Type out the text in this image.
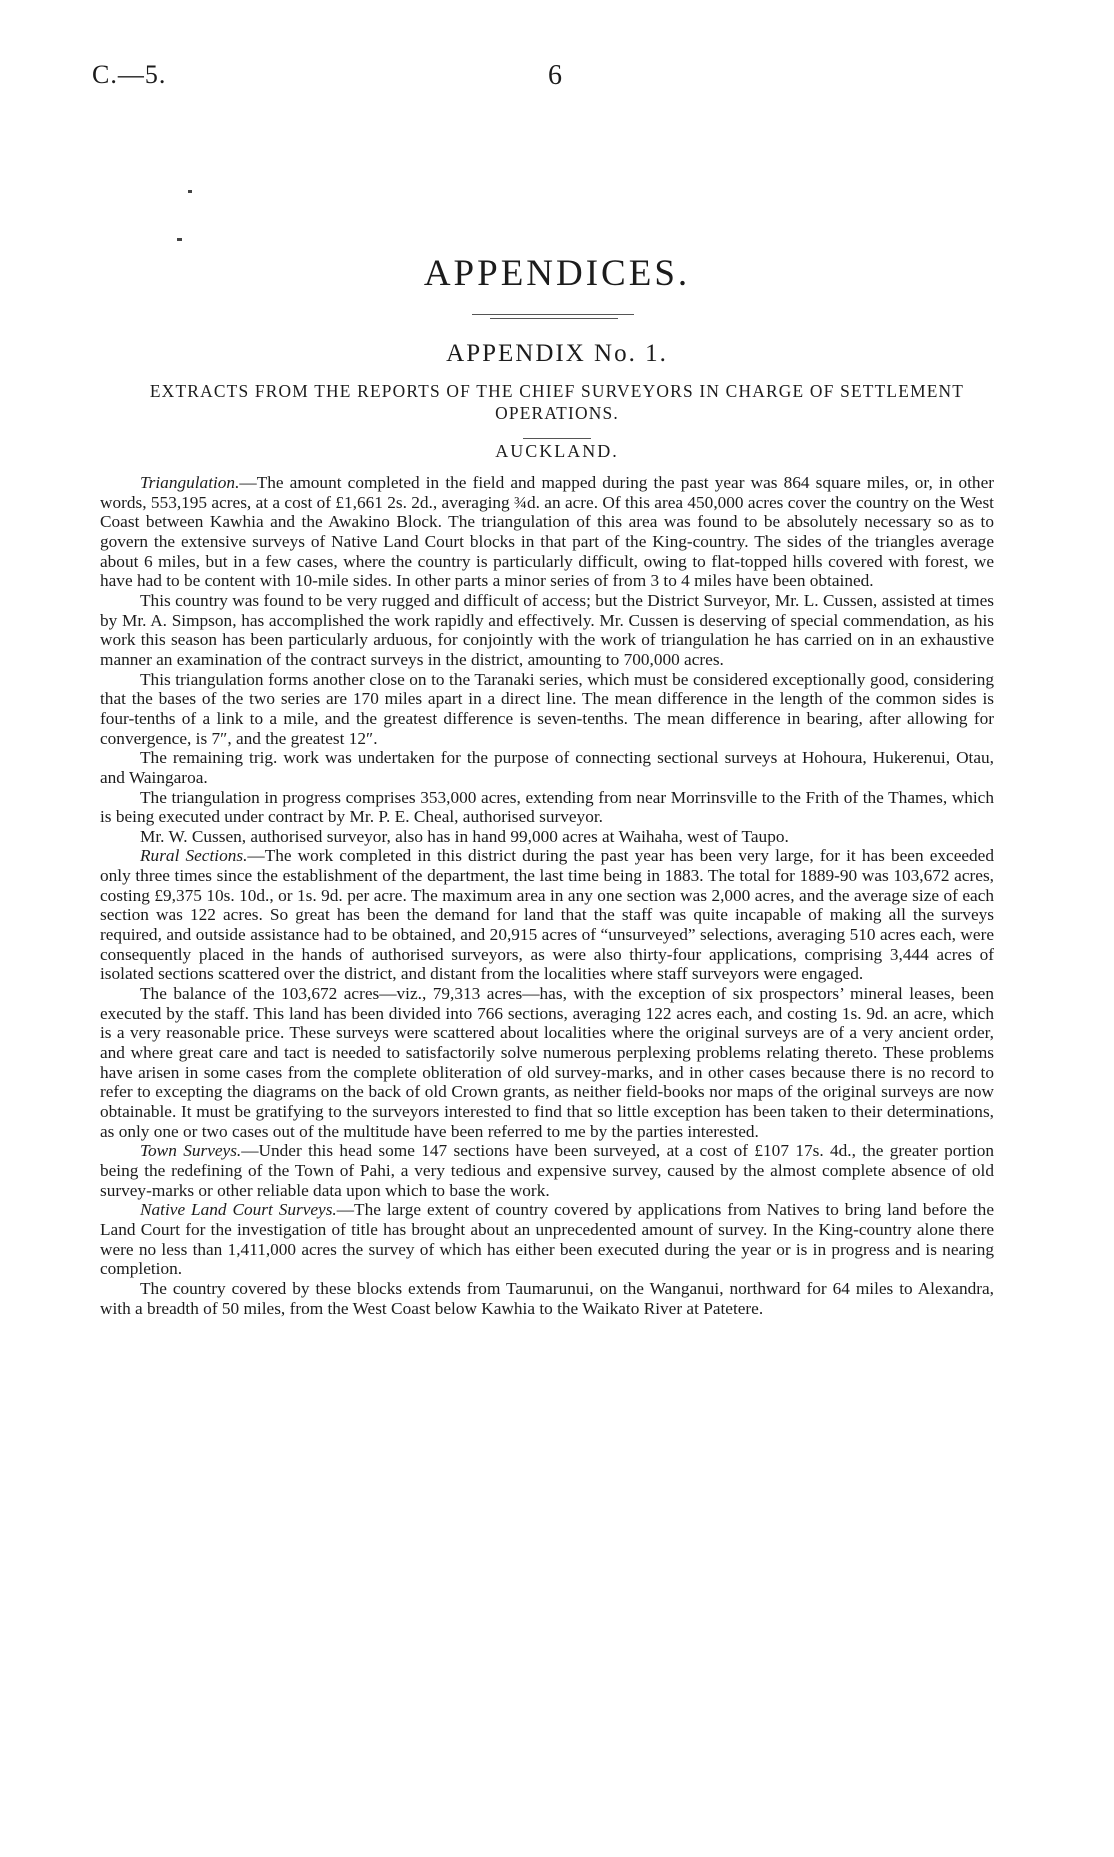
C.—5.	6
APPENDICES.
APPENDIX No. 1.
EXTRACTS FROM THE REPORTS OF THE CHIEF SURVEYORS IN CHARGE OF SETTLEMENT OPERATIONS.
AUCKLAND.

Triangulation.—The amount completed in the field and mapped during the past year was 864 square miles, or, in other words, 553,195 acres, at a cost of £1,661 2s. 2d., averaging ¾d. an acre. Of this area 450,000 acres cover the country on the West Coast between Kawhia and the Awakino Block. The triangulation of this area was found to be absolutely necessary so as to govern the extensive surveys of Native Land Court blocks in that part of the King-country. The sides of the triangles average about 6 miles, but in a few cases, where the country is particularly difficult, owing to flat-topped hills covered with forest, we have had to be content with 10-mile sides. In other parts a minor series of from 3 to 4 miles have been obtained.

This country was found to be very rugged and difficult of access; but the District Surveyor, Mr. L. Cussen, assisted at times by Mr. A. Simpson, has accomplished the work rapidly and effectively. Mr. Cussen is deserving of special commendation, as his work this season has been particularly arduous, for conjointly with the work of triangulation he has carried on in an exhaustive manner an examination of the contract surveys in the district, amounting to 700,000 acres.

This triangulation forms another close on to the Taranaki series, which must be considered exceptionally good, considering that the bases of the two series are 170 miles apart in a direct line. The mean difference in the length of the common sides is four-tenths of a link to a mile, and the greatest difference is seven-tenths. The mean difference in bearing, after allowing for convergence, is 7″, and the greatest 12″.

The remaining trig. work was undertaken for the purpose of connecting sectional surveys at Hohoura, Hukerenui, Otau, and Waingaroa.

The triangulation in progress comprises 353,000 acres, extending from near Morrinsville to the Frith of the Thames, which is being executed under contract by Mr. P. E. Cheal, authorised surveyor.

Mr. W. Cussen, authorised surveyor, also has in hand 99,000 acres at Waihaha, west of Taupo.

Rural Sections.—The work completed in this district during the past year has been very large, for it has been exceeded only three times since the establishment of the department, the last time being in 1883. The total for 1889-90 was 103,672 acres, costing £9,375 10s. 10d., or 1s. 9d. per acre. The maximum area in any one section was 2,000 acres, and the average size of each section was 122 acres. So great has been the demand for land that the staff was quite incapable of making all the surveys required, and outside assistance had to be obtained, and 20,915 acres of “unsurveyed” selections, averaging 510 acres each, were consequently placed in the hands of authorised surveyors, as were also thirty-four applications, comprising 3,444 acres of isolated sections scattered over the district, and distant from the localities where staff surveyors were engaged.

The balance of the 103,672 acres—viz., 79,313 acres—has, with the exception of six prospectors’ mineral leases, been executed by the staff. This land has been divided into 766 sections, averaging 122 acres each, and costing 1s. 9d. an acre, which is a very reasonable price. These surveys were scattered about localities where the original surveys are of a very ancient order, and where great care and tact is needed to satisfactorily solve numerous perplexing problems relating thereto. These problems have arisen in some cases from the complete obliteration of old survey-marks, and in other cases because there is no record to refer to excepting the diagrams on the back of old Crown grants, as neither field-books nor maps of the original surveys are now obtainable. It must be gratifying to the surveyors interested to find that so little exception has been taken to their determinations, as only one or two cases out of the multitude have been referred to me by the parties interested.

Town Surveys.—Under this head some 147 sections have been surveyed, at a cost of £107 17s. 4d., the greater portion being the redefining of the Town of Pahi, a very tedious and expensive survey, caused by the almost complete absence of old survey-marks or other reliable data upon which to base the work.

Native Land Court Surveys.—The large extent of country covered by applications from Natives to bring land before the Land Court for the investigation of title has brought about an unprecedented amount of survey. In the King-country alone there were no less than 1,411,000 acres the survey of which has either been executed during the year or is in progress and is nearing completion.

The country covered by these blocks extends from Taumarunui, on the Wanganui, northward for 64 miles to Alexandra, with a breadth of 50 miles, from the West Coast below Kawhia to the Waikato River at Patetere.
